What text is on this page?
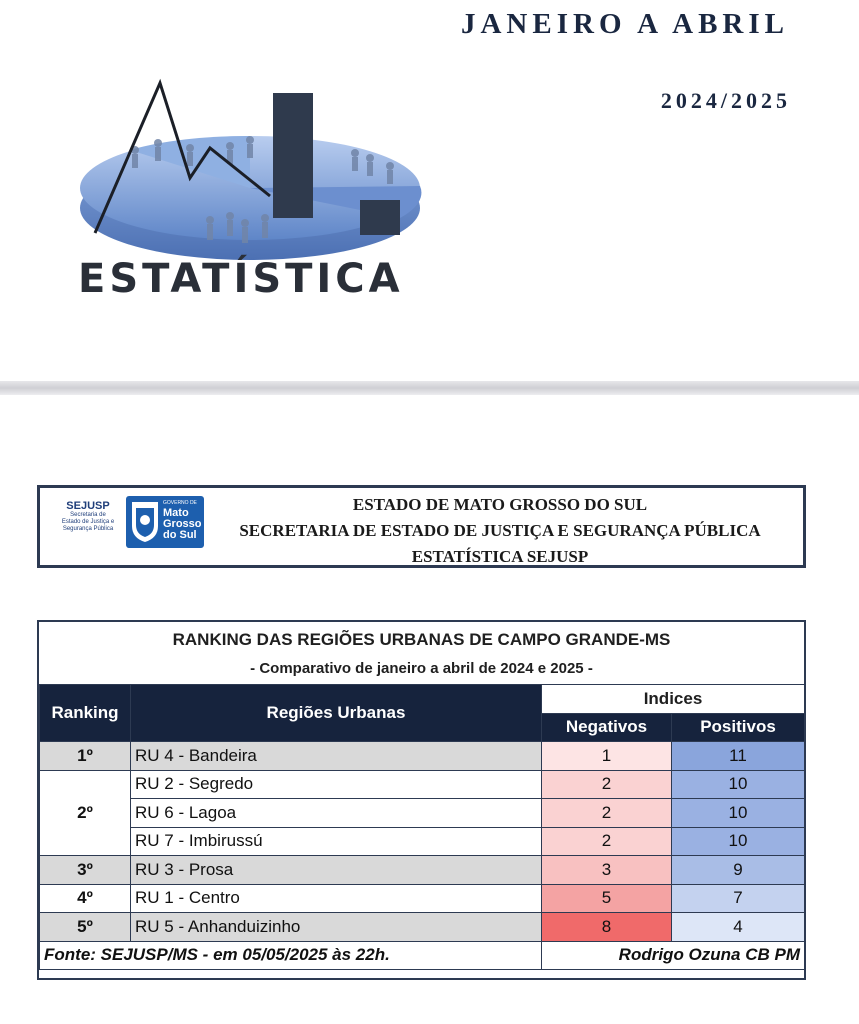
JANEIRO A ABRIL
2024/2025
ESTATÍSTICA
SEJUSP
Secretaria de
Estado de Justiça e
Segurança Pública
GOVERNO DE
Mato
Grosso
do Sul
ESTADO DE MATO GROSSO DO SUL
SECRETARIA DE ESTADO DE JUSTIÇA E SEGURANÇA PÚBLICA
ESTATÍSTICA SEJUSP
RANKING DAS REGIÕES URBANAS DE CAMPO GRANDE-MS
- Comparativo de janeiro a abril de 2024 e 2025 -
Ranking	Regiões Urbanas	Indices	
		Negativos	Positivos
1º	RU 4 - Bandeira	1	11
2º	RU 2 - Segredo	2	10
	RU 6 - Lagoa	2	10
	RU 7 - Imbirussú	2	10
3º	RU 3 - Prosa	3	9
4º	RU 1 - Centro	5	7
5º	RU 5 - Anhanduizinho	8	4
Fonte: SEJUSP/MS - em 05/05/2025 às 22h.		Rodrigo Ozuna CB PM	
